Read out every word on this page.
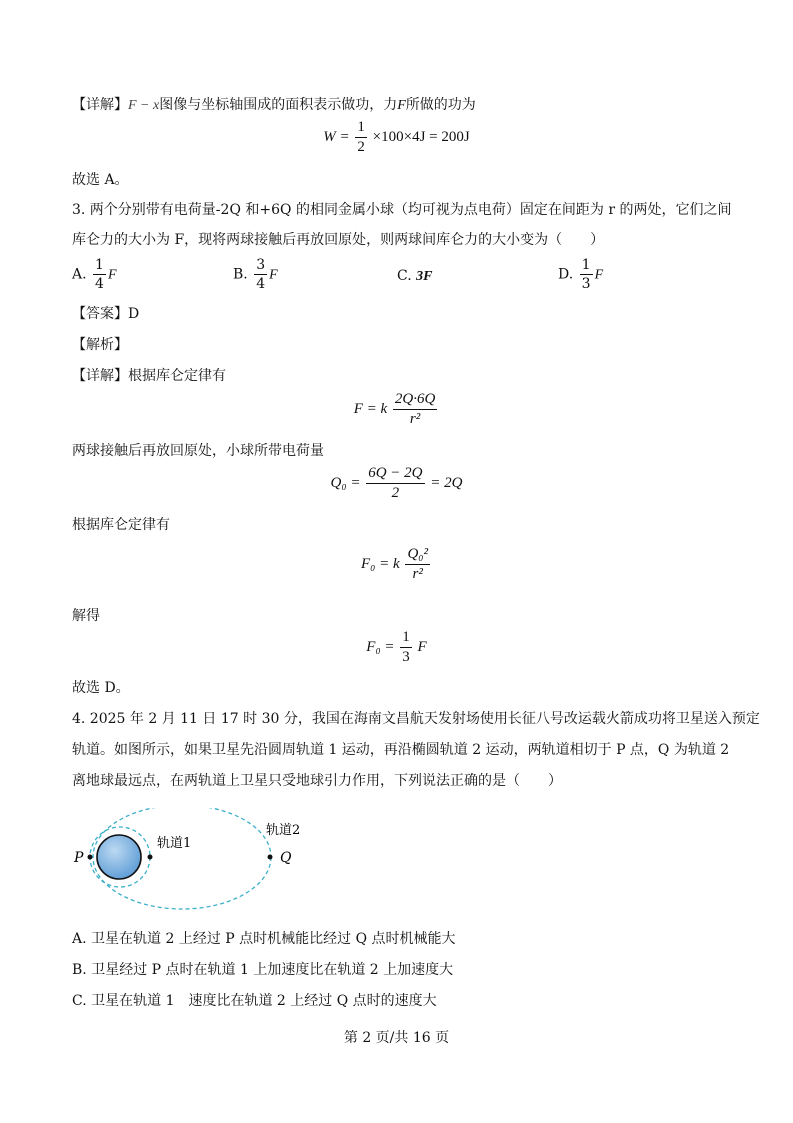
【详解】F − x图像与坐标轴围成的面积表示做功，力F所做的功为
$W = \frac{1}{2} \times 100\times 4J = 200J$
故选 A。
3. 两个分别带有电荷量-2Q 和+6Q 的相同金属小球（均可视为点电荷）固定在间距为 r 的两处，它们之间
库仑力的大小为 F，现将两球接触后再放回原处，则两球间库仑力的大小变为（　　）
A. $\frac{1}{4}$ F	B. $\frac{3}{4}$ F	C. 3F	D. $\frac{1}{3}$ F
【答案】D
【解析】
【详解】根据库仑定律有
F = k $\frac{2Q\cdot 6Q}{\text{r²}}$
两球接触后再放回原处，小球所带电荷量
$Q_0 = \frac{6Q - 2Q}{2} = 2Q$
根据库仑定律有
F₀ = k $\frac{\text{Q₀²}}{\text{r²}}$
解得
$F_0 = \frac{1}{3}$ F
故选 D。
4. 2025 年 2 月 11 日 17 时 30 分，我国在海南文昌航天发射场使用长征八号改运载火箭成功将卫星送入预定
轨道。如图所示，如果卫星先沿圆周轨道 1 运动，再沿椭圆轨道 2 运动，两轨道相切于 P 点，Q 为轨道 2
离地球最远点，在两轨道上卫星只受地球引力作用，下列说法正确的是（　　）
P	Q
轨道1
轨道2
A. 卫星在轨道 2 上经过 P 点时机械能比经过 Q 点时机械能大
B. 卫星经过 P 点时在轨道 1 上加速度比在轨道 2 上加速度大
C. 卫星在轨道 1　速度比在轨道 2 上经过 Q 点时的速度大
第 2 页/共 16 页
